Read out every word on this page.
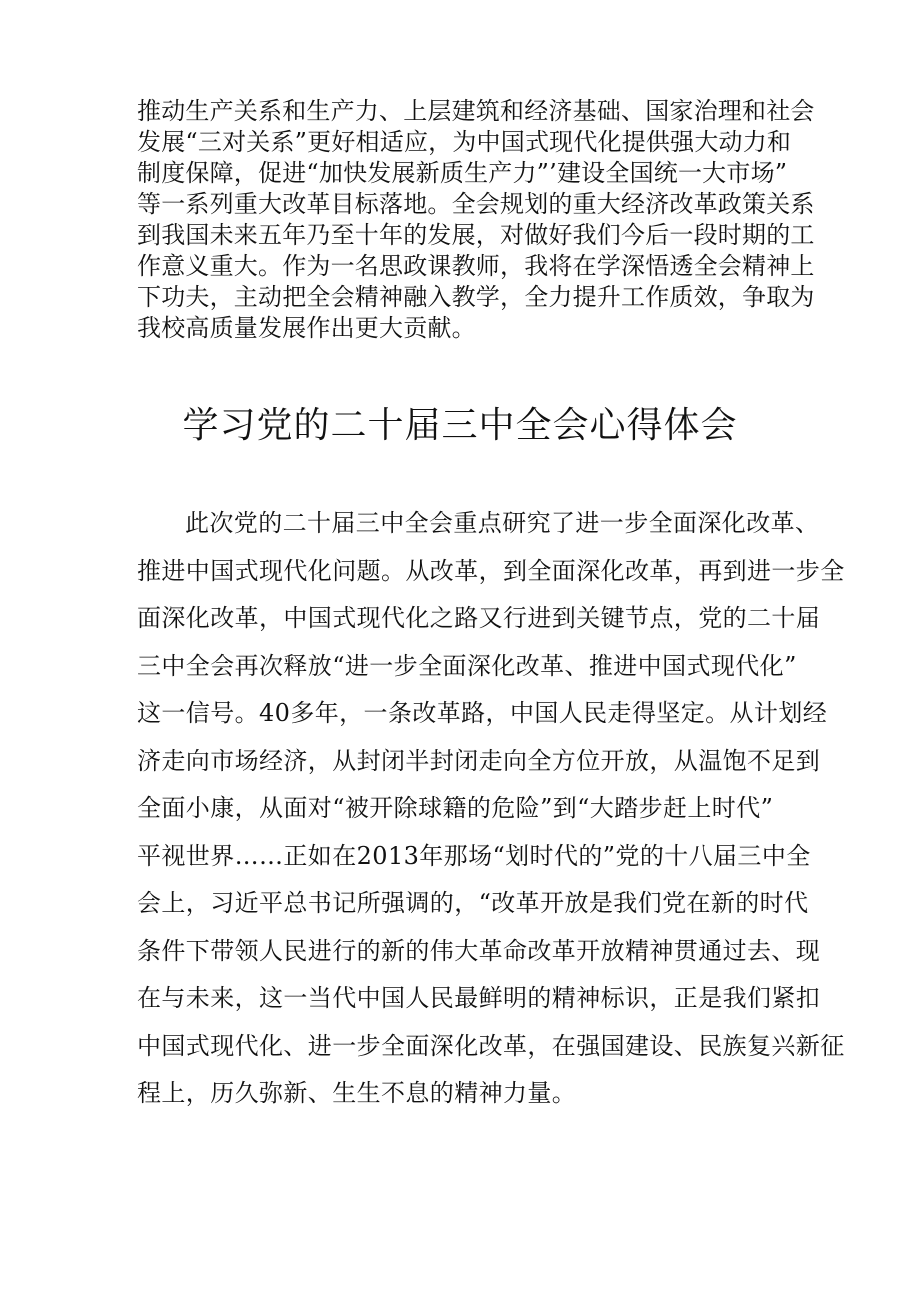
推动生产关系和生产力、上层建筑和经济基础、国家治理和社会
发展“三对关系”更好相适应，为中国式现代化提供强大动力和
制度保障，促进“加快发展新质生产力”’建设全国统一大市场”
等一系列重大改革目标落地。全会规划的重大经济改革政策关系
到我国未来五年乃至十年的发展，对做好我们今后一段时期的工
作意义重大。作为一名思政课教师，我将在学深悟透全会精神上
下功夫，主动把全会精神融入教学，全力提升工作质效，争取为
我校高质量发展作出更大贡献。
学习党的二十届三中全会心得体会
此次党的二十届三中全会重点研究了进一步全面深化改革、
推进中国式现代化问题。从改革，到全面深化改革，再到进一步全
面深化改革，中国式现代化之路又行进到关键节点，党的二十届
三中全会再次释放“进一步全面深化改革、推进中国式现代化”
这一信号。40多年，一条改革路，中国人民走得坚定。从计划经
济走向市场经济，从封闭半封闭走向全方位开放，从温饱不足到
全面小康，从面对“被开除球籍的危险”到“大踏步赶上时代”
平视世界……正如在2013年那场“划时代的”党的十八届三中全
会上，习近平总书记所强调的，“改革开放是我们党在新的时代
条件下带领人民进行的新的伟大革命改革开放精神贯通过去、现
在与未来，这一当代中国人民最鲜明的精神标识，正是我们紧扣
中国式现代化、进一步全面深化改革，在强国建设、民族复兴新征
程上，历久弥新、生生不息的精神力量。
